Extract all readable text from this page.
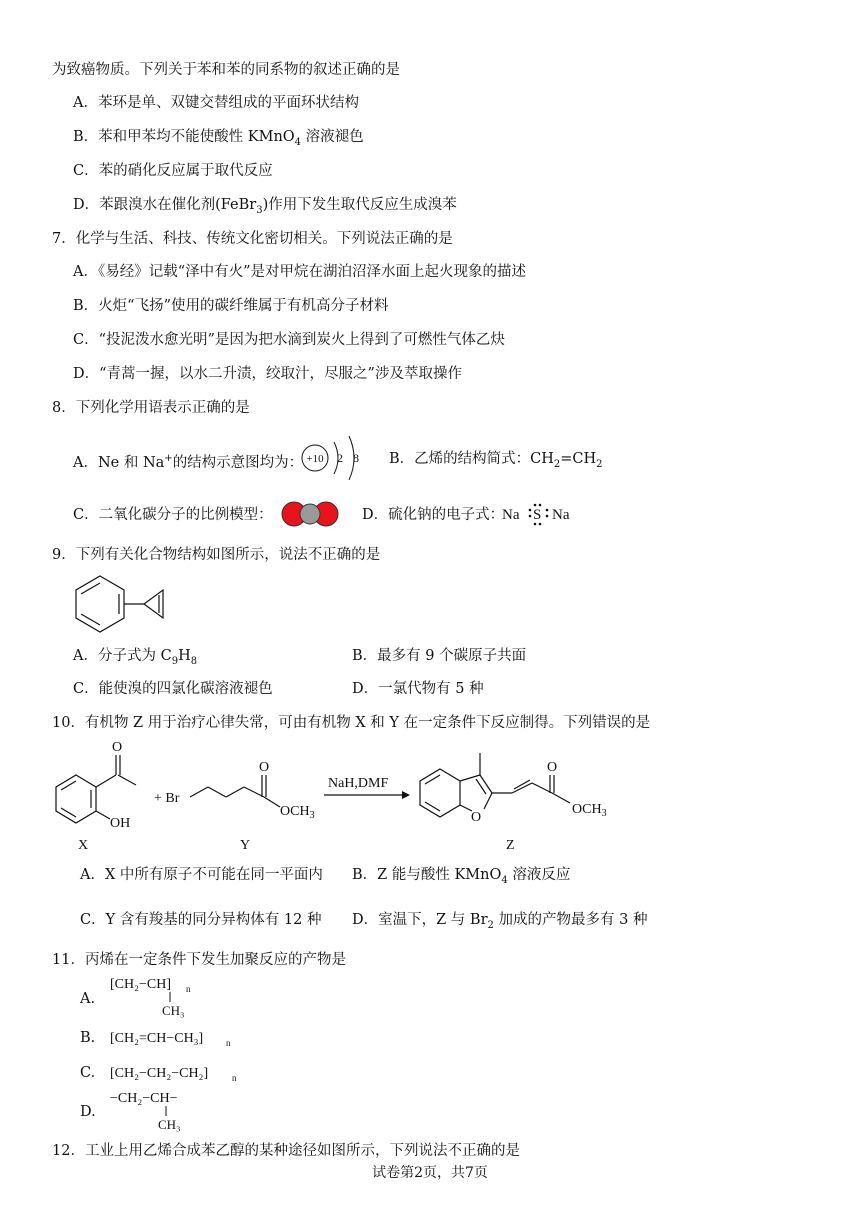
为致癌物质。下列关于苯和苯的同系物的叙述正确的是
A．苯环是单、双键交替组成的平面环状结构
B．苯和甲苯均不能使酸性 KMnO$_4$ 溶液褪色
C．苯的硝化反应属于取代反应
D．苯跟溴水在催化剂(FeBr$_3$)作用下发生取代反应生成溴苯
7．化学与生活、科技、传统文化密切相关。下列说法正确的是
A．《易经》记载“泽中有火”是对甲烷在湖泊沼泽水面上起火现象的描述
B．火炬“飞扬”使用的碳纤维属于有机高分子材料
C．“投泥泼水愈光明”是因为把水滴到炭火上得到了可燃性气体乙炔
D．“青蒿一握，以水二升渍，绞取汁，尽服之”涉及萃取操作
8．下列化学用语表示正确的是
A．Ne 和 Na+的结构示意图均为： +10 2 8 B．乙烯的结构简式：$CH_2=CH_2$
C．二氧化碳分子的比例模型：	D．硫化钠的电子式：
Na S Na
9．下列有关化合物结构如图所示，说法不正确的是
A．分子式为 $C_9H_8$	B．最多有 9 个碳原子共面
C．能使溴的四氯化碳溶液褪色	D．一氯代物有 5 种
10．有机物 Z 用于治疗心律失常，可由有机物 X 和 Y 在一定条件下反应制得。下列错误的是
O
OH
+ Br
O
$OCH_3$
NaH,DMF
O
O
$OCH_3$
X	Y	Z
A．X 中所有原子不可能在同一平面内 B．Z 能与酸性 KMnO$_4$ 溶液反应
C．Y 含有羧基的同分异构体有 12 种 D．室温下，Z 与 $Br_2$ 加成的产物最多有 3 种
11．丙烯在一定条件下发生加聚反应的产物是
A.
[CH₂−CH] n
CH₃
B. [CH₂=CH−CH₃]	n
C. [CH₂−CH₂−CH₂]	n
D.
−CH₂−CH−
CH₃
12．工业上用乙烯合成苯乙醇的某种途径如图所示，下列说法不正确的是
试卷第2页，共7页
